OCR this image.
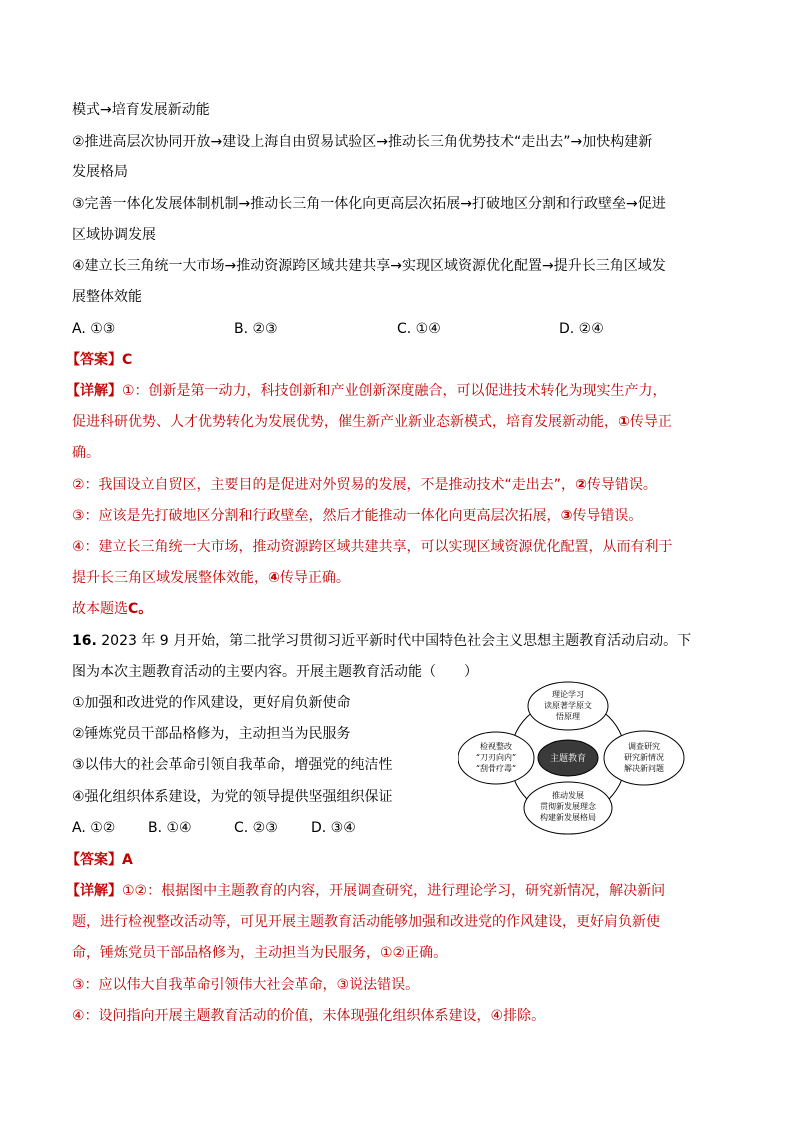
模式→培育发展新动能
②推进高层次协同开放→建设上海自由贸易试验区→推动长三角优势技术“走出去”→加快构建新
发展格局
③完善一体化发展体制机制→推动长三角一体化向更高层次拓展→打破地区分割和行政壁垒→促进
区域协调发展
④建立长三角统一大市场→推动资源跨区域共建共享→实现区域资源优化配置→提升长三角区域发
展整体效能
A. ①③	B. ②③	C. ①④	D. ②④
【答案】C
【详解】①：创新是第一动力，科技创新和产业创新深度融合，可以促进技术转化为现实生产力，
促进科研优势、人才优势转化为发展优势，催生新产业新业态新模式，培育发展新动能，①传导正
确。
②：我国设立自贸区，主要目的是促进对外贸易的发展，不是推动技术“走出去”，②传导错误。
③：应该是先打破地区分割和行政壁垒，然后才能推动一体化向更高层次拓展，③传导错误。
④：建立长三角统一大市场，推动资源跨区域共建共享，可以实现区域资源优化配置，从而有利于
提升长三角区域发展整体效能，④传导正确。
故本题选C。
16. 2023 年 9 月开始，第二批学习贯彻习近平新时代中国特色社会主义思想主题教育活动启动。下
图为本次主题教育活动的主要内容。开展主题教育活动能（　　）
①加强和改进党的作风建设，更好肩负新使命
②锤炼党员干部品格修为，主动担当为民服务
③以伟大的社会革命引领自我革命，增强党的纯洁性
④强化组织体系建设，为党的领导提供坚强组织保证
A. ①② B. ①④	C. ②③ D. ③④
理论学习
读原著学原文
悟原理
调查研究
研究新情况
解决新问题
推动发展
贯彻新发展理念
构建新发展格局
检视整改
“刀刃向内”
“刮骨疗毒”
主题教育
【答案】A
【详解】①②：根据图中主题教育的内容，开展调查研究，进行理论学习，研究新情况，解决新问
题，进行检视整改活动等，可见开展主题教育活动能够加强和改进党的作风建设，更好肩负新使
命，锤炼党员干部品格修为，主动担当为民服务，①②正确。
③：应以伟大自我革命引领伟大社会革命，③说法错误。
④：设问指向开展主题教育活动的价值，未体现强化组织体系建设，④排除。
